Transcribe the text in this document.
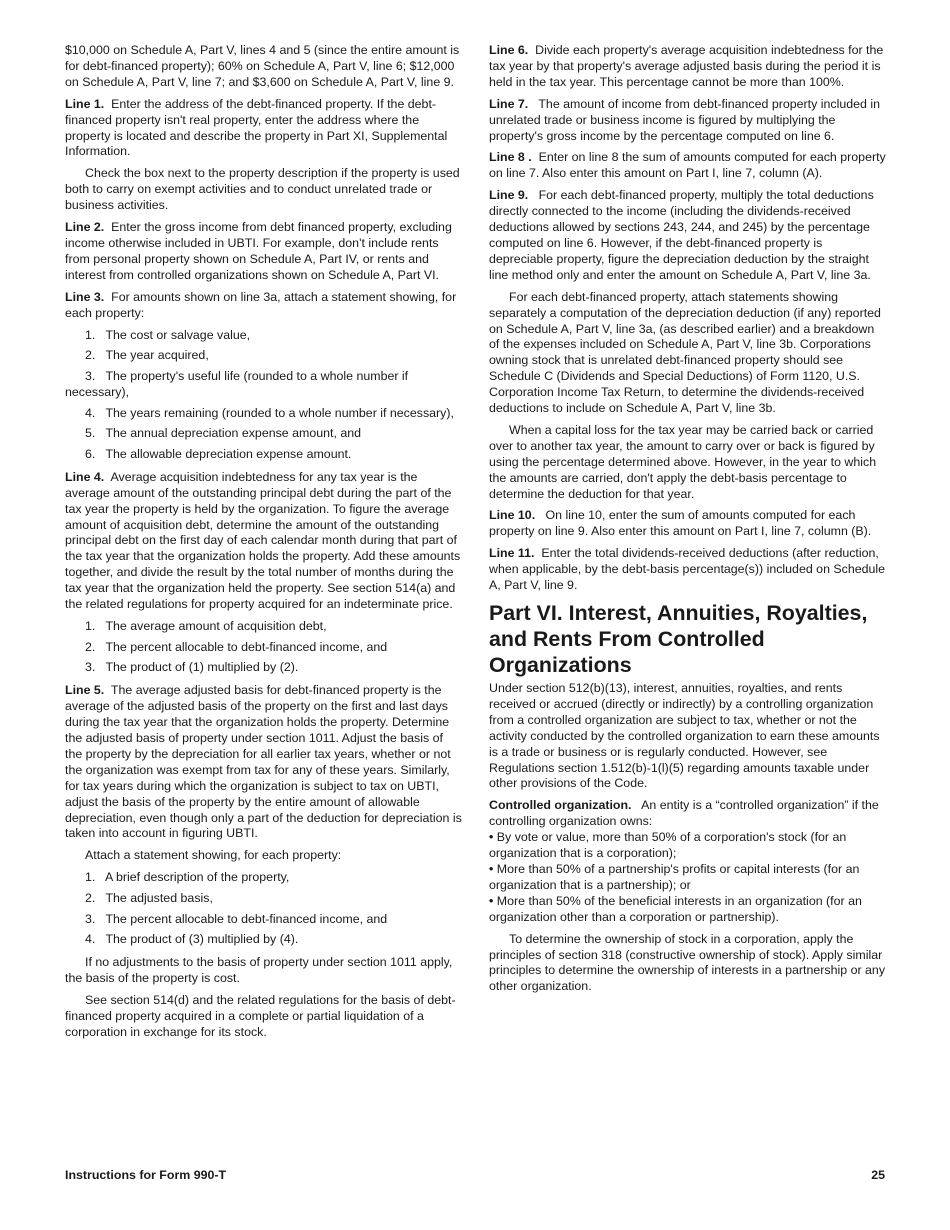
$10,000 on Schedule A, Part V, lines 4 and 5 (since the entire amount is for debt-financed property); 60% on Schedule A, Part V, line 6; $12,000 on Schedule A, Part V, line 7; and $3,600 on Schedule A, Part V, line 9.

Line 1. Enter the address of the debt-financed property. If the debt-financed property isn't real property, enter the address where the property is located and describe the property in Part XI, Supplemental Information.

Check the box next to the property description if the property is used both to carry on exempt activities and to conduct unrelated trade or business activities.

Line 2. Enter the gross income from debt financed property, excluding income otherwise included in UBTI. For example, don't include rents from personal property shown on Schedule A, Part IV, or rents and interest from controlled organizations shown on Schedule A, Part VI.

Line 3. For amounts shown on line 3a, attach a statement showing, for each property:

1. The cost or salvage value,
2. The year acquired,
3. The property's useful life (rounded to a whole number if necessary),
4. The years remaining (rounded to a whole number if necessary),
5. The annual depreciation expense amount, and
6. The allowable depreciation expense amount.

Line 4. Average acquisition indebtedness for any tax year is the average amount of the outstanding principal debt during the part of the tax year the property is held by the organization. To figure the average amount of acquisition debt, determine the amount of the outstanding principal debt on the first day of each calendar month during that part of the tax year that the organization holds the property. Add these amounts together, and divide the result by the total number of months during the tax year that the organization held the property. See section 514(a) and the related regulations for property acquired for an indeterminate price.

1. The average amount of acquisition debt,
2. The percent allocable to debt-financed income, and
3. The product of (1) multiplied by (2).

Line 5. The average adjusted basis for debt-financed property is the average of the adjusted basis of the property on the first and last days during the tax year that the organization holds the property. Determine the adjusted basis of property under section 1011. Adjust the basis of the property by the depreciation for all earlier tax years, whether or not the organization was exempt from tax for any of these years. Similarly, for tax years during which the organization is subject to tax on UBTI, adjust the basis of the property by the entire amount of allowable depreciation, even though only a part of the deduction for depreciation is taken into account in figuring UBTI.

Attach a statement showing, for each property:

1. A brief description of the property,
2. The adjusted basis,
3. The percent allocable to debt-financed income, and
4. The product of (3) multiplied by (4).

If no adjustments to the basis of property under section 1011 apply, the basis of the property is cost.

See section 514(d) and the related regulations for the basis of debt-financed property acquired in a complete or partial liquidation of a corporation in exchange for its stock.

Line 6. Divide each property's average acquisition indebtedness for the tax year by that property's average adjusted basis during the period it is held in the tax year. This percentage cannot be more than 100%.

Line 7. The amount of income from debt-financed property included in unrelated trade or business income is figured by multiplying the property's gross income by the percentage computed on line 6.

Line 8 . Enter on line 8 the sum of amounts computed for each property on line 7. Also enter this amount on Part I, line 7, column (A).

Line 9. For each debt-financed property, multiply the total deductions directly connected to the income (including the dividends-received deductions allowed by sections 243, 244, and 245) by the percentage computed on line 6. However, if the debt-financed property is depreciable property, figure the depreciation deduction by the straight line method only and enter the amount on Schedule A, Part V, line 3a.

For each debt-financed property, attach statements showing separately a computation of the depreciation deduction (if any) reported on Schedule A, Part V, line 3a, (as described earlier) and a breakdown of the expenses included on Schedule A, Part V, line 3b. Corporations owning stock that is unrelated debt-financed property should see Schedule C (Dividends and Special Deductions) of Form 1120, U.S. Corporation Income Tax Return, to determine the dividends-received deductions to include on Schedule A, Part V, line 3b.

When a capital loss for the tax year may be carried back or carried over to another tax year, the amount to carry over or back is figured by using the percentage determined above. However, in the year to which the amounts are carried, don't apply the debt-basis percentage to determine the deduction for that year.

Line 10. On line 10, enter the sum of amounts computed for each property on line 9. Also enter this amount on Part I, line 7, column (B).

Line 11. Enter the total dividends-received deductions (after reduction, when applicable, by the debt-basis percentage(s)) included on Schedule A, Part V, line 9.

Part VI. Interest, Annuities, Royalties, and Rents From Controlled Organizations

Under section 512(b)(13), interest, annuities, royalties, and rents received or accrued (directly or indirectly) by a controlling organization from a controlled organization are subject to tax, whether or not the activity conducted by the controlled organization to earn these amounts is a trade or business or is regularly conducted. However, see Regulations section 1.512(b)-1(l)(5) regarding amounts taxable under other provisions of the Code.

Controlled organization. An entity is a “controlled organization” if the controlling organization owns:

• By vote or value, more than 50% of a corporation's stock (for an organization that is a corporation);
• More than 50% of a partnership's profits or capital interests (for an organization that is a partnership); or
• More than 50% of the beneficial interests in an organization (for an organization other than a corporation or partnership).

To determine the ownership of stock in a corporation, apply the principles of section 318 (constructive ownership of stock). Apply similar principles to determine the ownership of interests in a partnership or any other organization.

Instructions for Form 990-T	25
